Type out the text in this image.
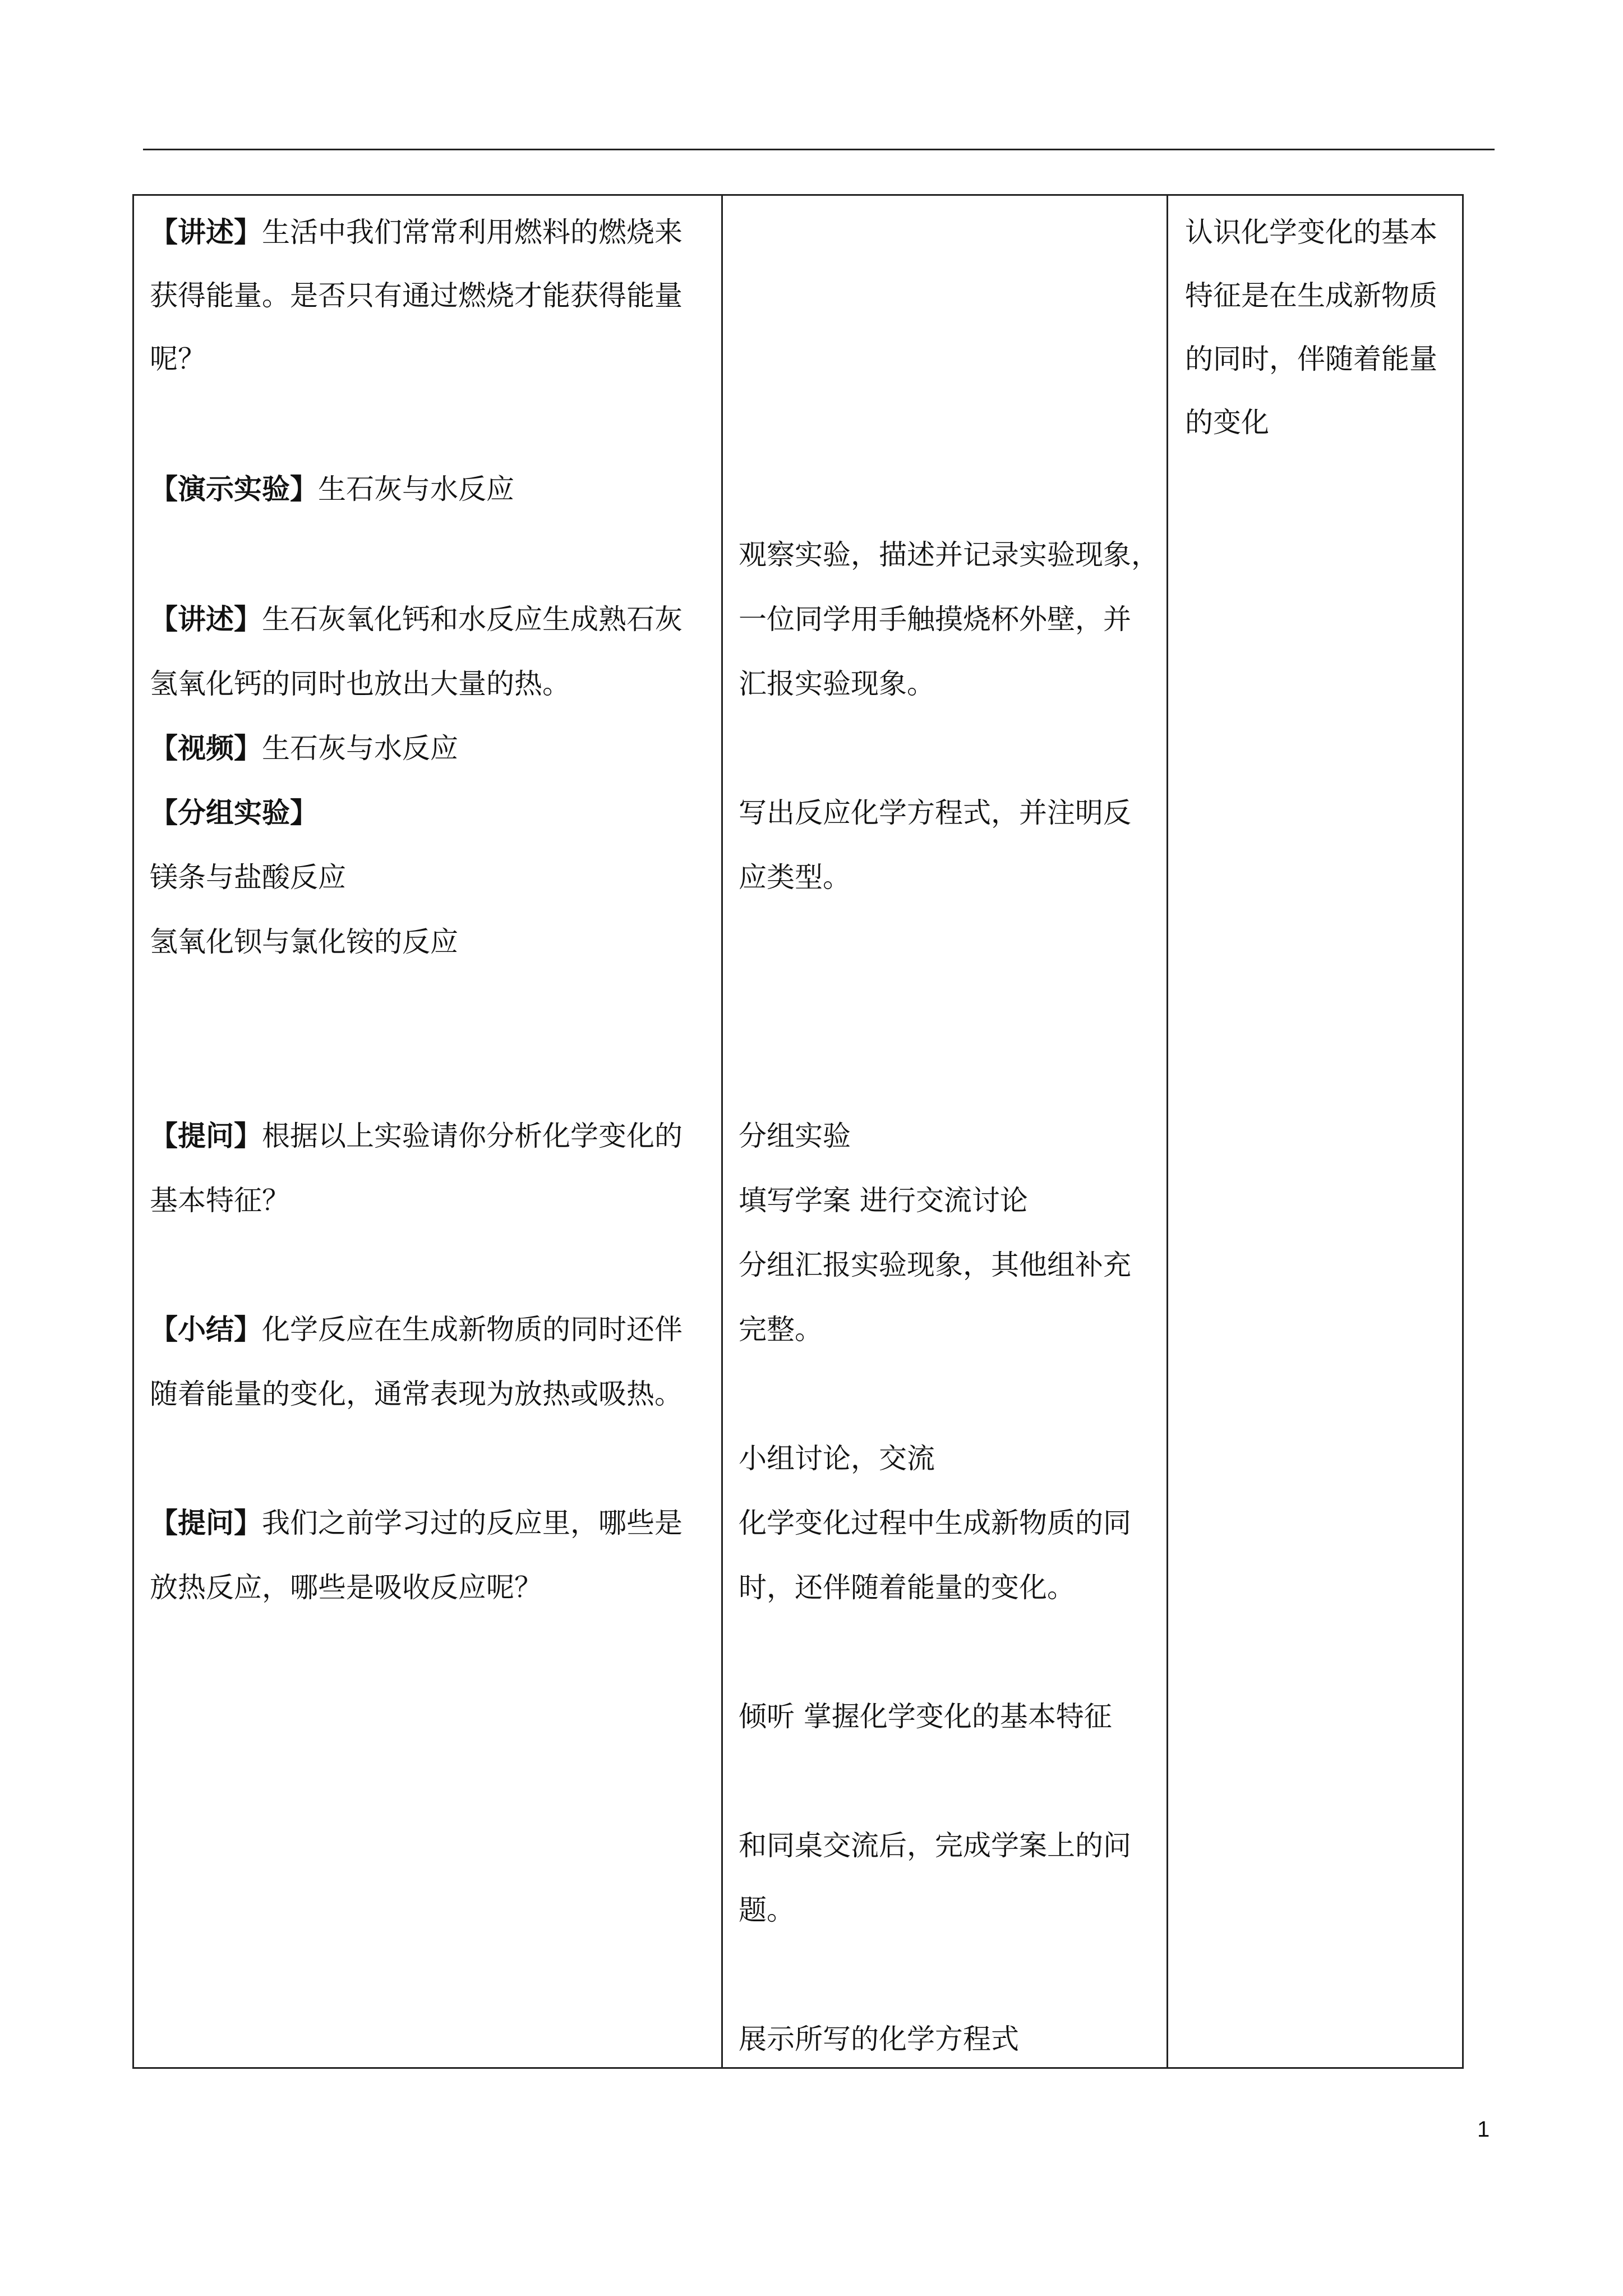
【讲述】生活中我们常常利用燃料的燃烧来
获得能量。是否只有通过燃烧才能获得能量
呢？
【演示实验】生石灰与水反应
【讲述】生石灰氧化钙和水反应生成熟石灰
氢氧化钙的同时也放出大量的热。
【视频】生石灰与水反应
【分组实验】
镁条与盐酸反应
氢氧化钡与氯化铵的反应
【提问】根据以上实验请你分析化学变化的
基本特征？
【小结】化学反应在生成新物质的同时还伴
随着能量的变化，通常表现为放热或吸热。
【提问】我们之前学习过的反应里，哪些是
放热反应，哪些是吸收反应呢？
观察实验，描述并记录实验现象，
一位同学用手触摸烧杯外壁，并
汇报实验现象。
写出反应化学方程式，并注明反
应类型。
分组实验
填写学案 进行交流讨论
分组汇报实验现象，其他组补充
完整。
小组讨论，交流
化学变化过程中生成新物质的同
时，还伴随着能量的变化。
倾听 掌握化学变化的基本特征
和同桌交流后，完成学案上的问
题。
展示所写的化学方程式
认识化学变化的基本
特征是在生成新物质
的同时，伴随着能量
的变化
1
